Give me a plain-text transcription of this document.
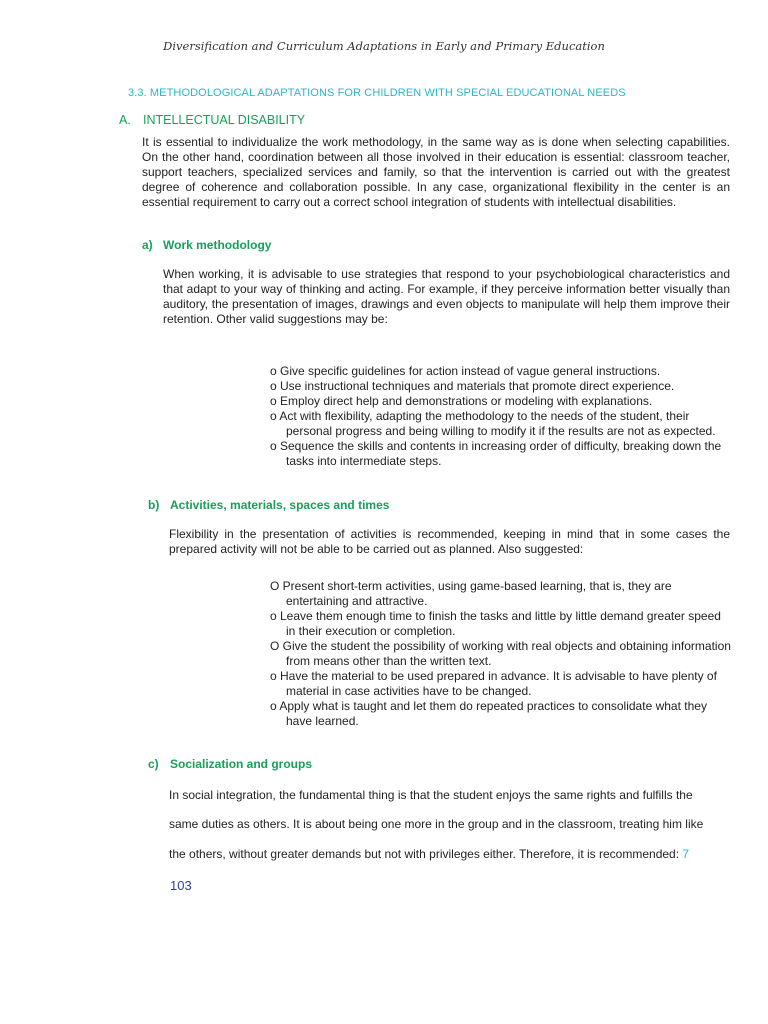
Diversification and Curriculum Adaptations in Early and Primary Education
3.3. METHODOLOGICAL ADAPTATIONS FOR CHILDREN WITH SPECIAL EDUCATIONAL NEEDS
A. INTELLECTUAL DISABILITY
It is essential to individualize the work methodology, in the same way as is done when selecting capabilities. On the other hand, coordination between all those involved in their education is essential: classroom teacher, support teachers, specialized services and family, so that the intervention is carried out with the greatest degree of coherence and collaboration possible. In any case, organizational flexibility in the center is an essential requirement to carry out a correct school integration of students with intellectual disabilities.
a) Work methodology
When working, it is advisable to use strategies that respond to your psychobiological characteristics and that adapt to your way of thinking and acting. For example, if they perceive information better visually than auditory, the presentation of images, drawings and even objects to manipulate will help them improve their retention. Other valid suggestions may be:
o Give specific guidelines for action instead of vague general instructions.
o Use instructional techniques and materials that promote direct experience.
o Employ direct help and demonstrations or modeling with explanations.
o Act with flexibility, adapting the methodology to the needs of the student, their personal progress and being willing to modify it if the results are not as expected.
o Sequence the skills and contents in increasing order of difficulty, breaking down the tasks into intermediate steps.
b) Activities, materials, spaces and times
Flexibility in the presentation of activities is recommended, keeping in mind that in some cases the prepared activity will not be able to be carried out as planned. Also suggested:
O Present short-term activities, using game-based learning, that is, they are entertaining and attractive.
o Leave them enough time to finish the tasks and little by little demand greater speed in their execution or completion.
O Give the student the possibility of working with real objects and obtaining information from means other than the written text.
o Have the material to be used prepared in advance. It is advisable to have plenty of material in case activities have to be changed.
o Apply what is taught and let them do repeated practices to consolidate what they have learned.
c) Socialization and groups
In social integration, the fundamental thing is that the student enjoys the same rights and fulfills the
same duties as others. It is about being one more in the group and in the classroom, treating him like
the others, without greater demands but not with privileges either. Therefore, it is recommended: 7
103
